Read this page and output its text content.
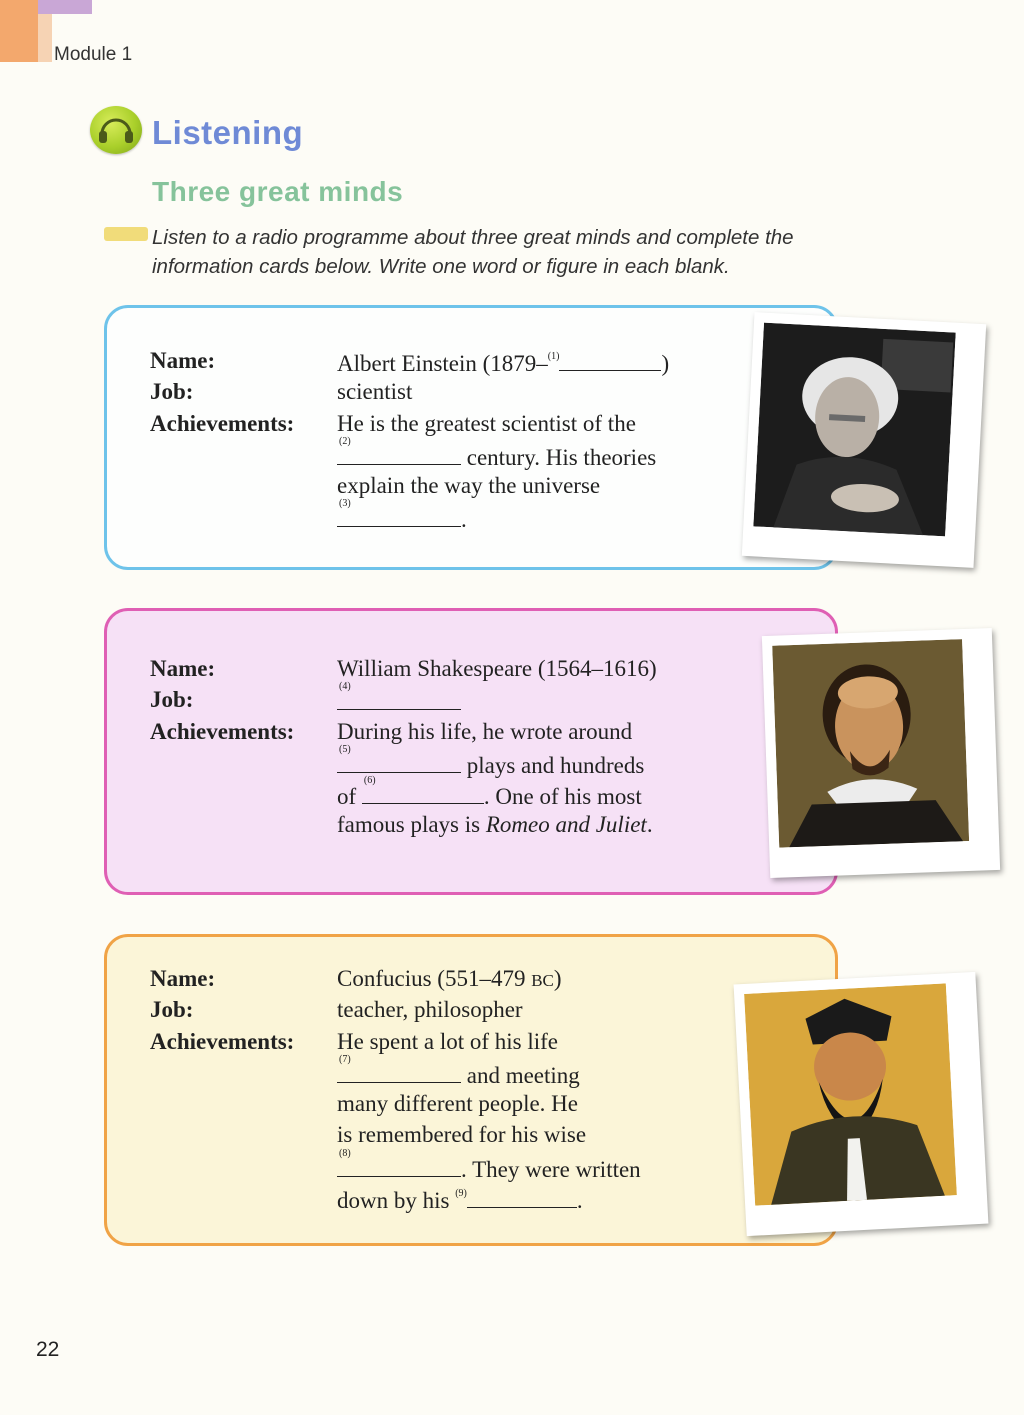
Module 1
Listening
Three great minds
Listen to a radio programme about three great minds and complete the
information cards below. Write one word or figure in each blank.
Name:	Albert Einstein (1879–$^{(1)}$	)
Job:	scientist
Achievements: He is the greatest scientist of the
(2)
century. His theories
explain the way the universe
(3)
.
Name:	William Shakespeare (1564–1616)
Job:
(4)
Achievements: During his life, he wrote around
(5)
plays and hundreds
of
(6)
. One of his most
famous plays is Romeo and Juliet.
Name:	Confucius (551–479 BC)
Job:	teacher, philosopher
Achievements: He spent a lot of his life
(7)
and meeting
many different people. He
is remembered for his wise
(8)
. They were written
down by his $^{(9)}$	.
22
